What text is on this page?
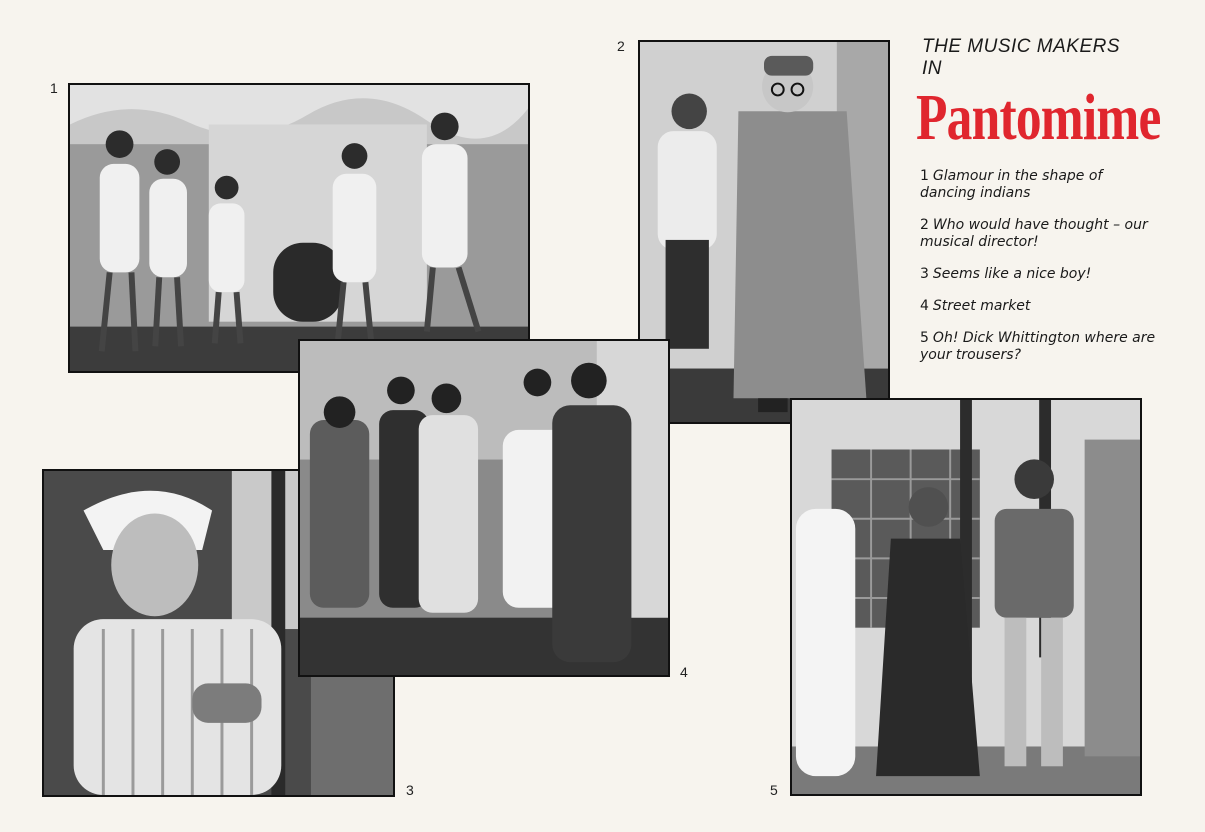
1
2
3
4
5
THE MUSIC MAKERS
IN
Pantomime
1 Glamour in the shape of dancing indians
2 Who would have thought – our musical director!
3 Seems like a nice boy!
4 Street market
5 Oh! Dick Whittington where are your trousers?
